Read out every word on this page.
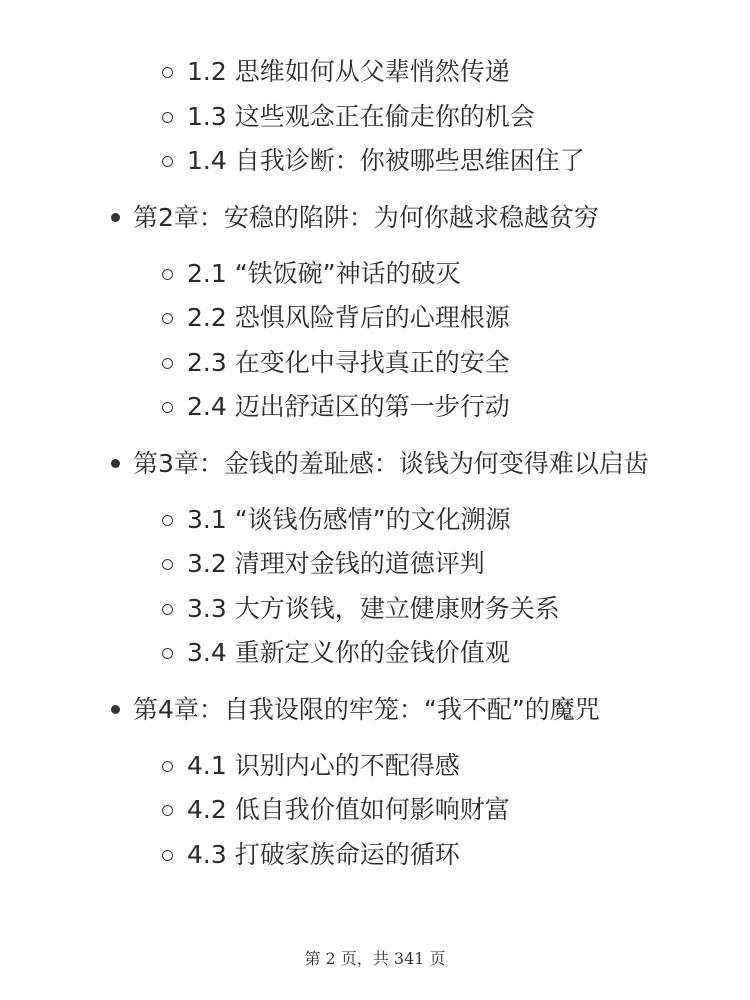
1.2 思维如何从父辈悄然传递
1.3 这些观念正在偷走你的机会
1.4 自我诊断：你被哪些思维困住了
第2章：安稳的陷阱：为何你越求稳越贫穷
2.1 “铁饭碗”神话的破灭
2.2 恐惧风险背后的心理根源
2.3 在变化中寻找真正的安全
2.4 迈出舒适区的第一步行动
第3章：金钱的羞耻感：谈钱为何变得难以启齿
3.1 “谈钱伤感情”的文化溯源
3.2 清理对金钱的道德评判
3.3 大方谈钱，建立健康财务关系
3.4 重新定义你的金钱价值观
第4章：自我设限的牢笼：“我不配”的魔咒
4.1 识别内心的不配得感
4.2 低自我价值如何影响财富
4.3 打破家族命运的循环
第 2 页，共 341 页
